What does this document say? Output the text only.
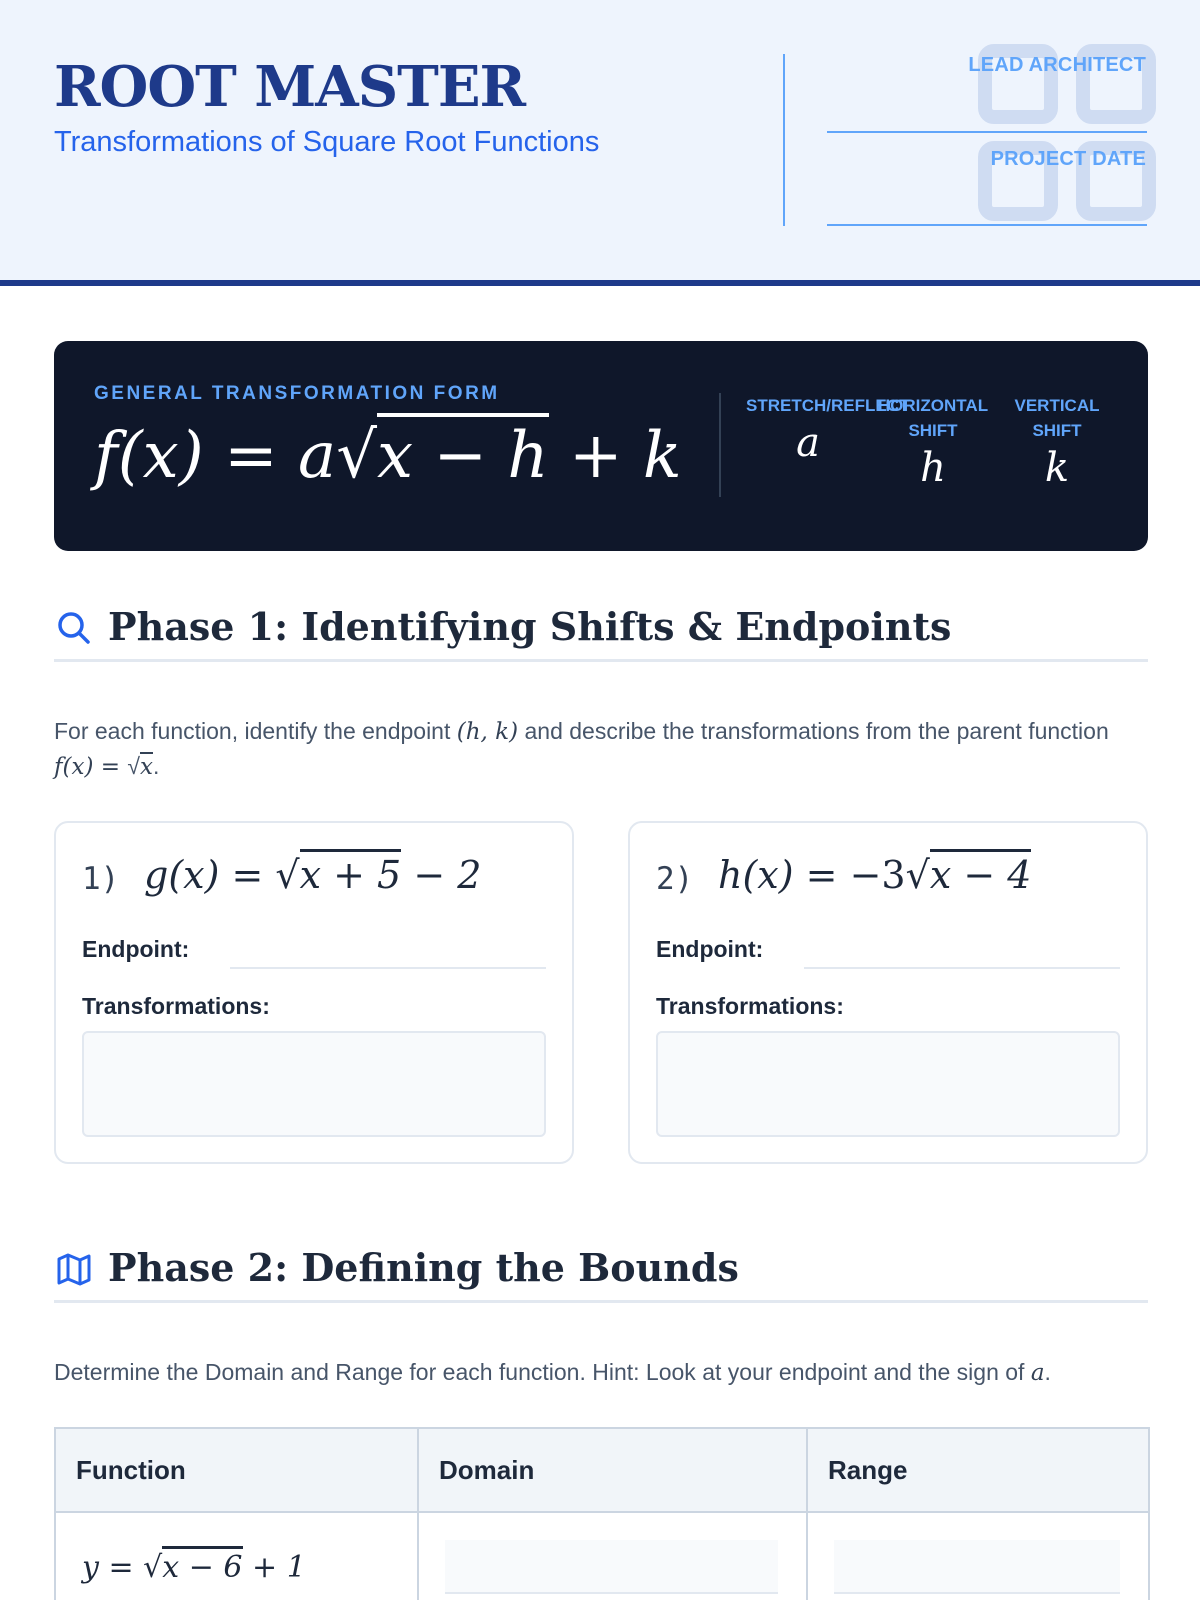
ROOT MASTER
Transformations of Square Root Functions
LEAD ARCHITECT
PROJECT DATE
GENERAL TRANSFORMATION FORM
f(x) = a√x − h + k
STRETCH/REFLECT
a
HORIZONTAL SHIFT
h
VERTICAL SHIFT
k
Phase 1: Identifying Shifts & Endpoints
For each function, identify the endpoint (h, k) and describe the transformations from the parent function f(x) = √x.
1) g(x) = √x + 5 − 2
Endpoint:
Transformations:
2) h(x) = −3√x − 4
Endpoint:
Transformations:
Phase 2: Defining the Bounds
Determine the Domain and Range for each function. Hint: Look at your endpoint and the sign of a.
Function	Domain	Range
y = √x − 6 + 1	
